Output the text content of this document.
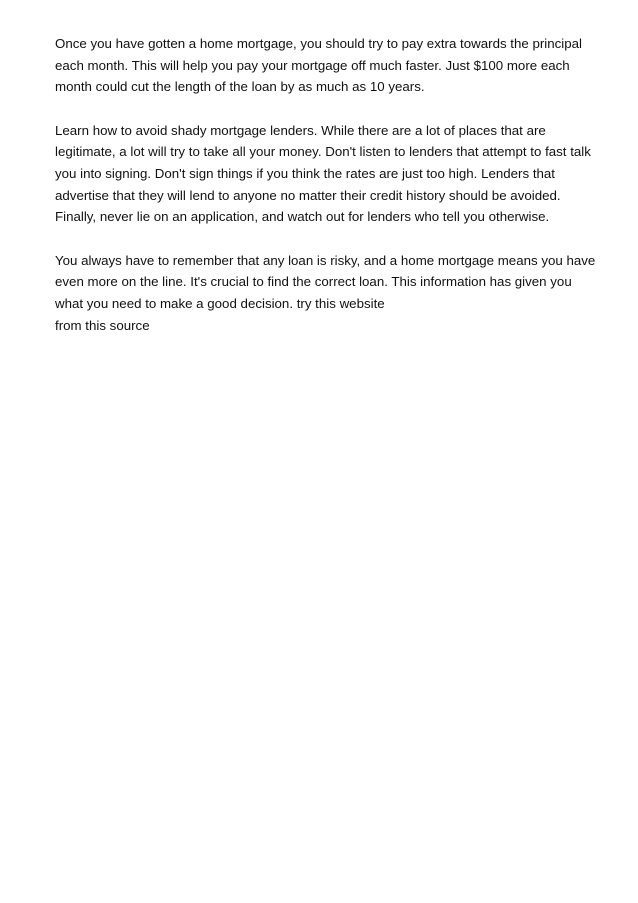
Once you have gotten a home mortgage, you should try to pay extra towards the principal
each month. This will help you pay your mortgage off much faster. Just $100 more each
month could cut the length of the loan by as much as 10 years.

Learn how to avoid shady mortgage lenders. While there are a lot of places that are
legitimate, a lot will try to take all your money. Don't listen to lenders that attempt to fast talk
you into signing. Don't sign things if you think the rates are just too high. Lenders that
advertise that they will lend to anyone no matter their credit history should be avoided.
Finally, never lie on an application, and watch out for lenders who tell you otherwise.

You always have to remember that any loan is risky, and a home mortgage means you have
even more on the line. It's crucial to find the correct loan. This information has given you
what you need to make a good decision. try this website
from this source
